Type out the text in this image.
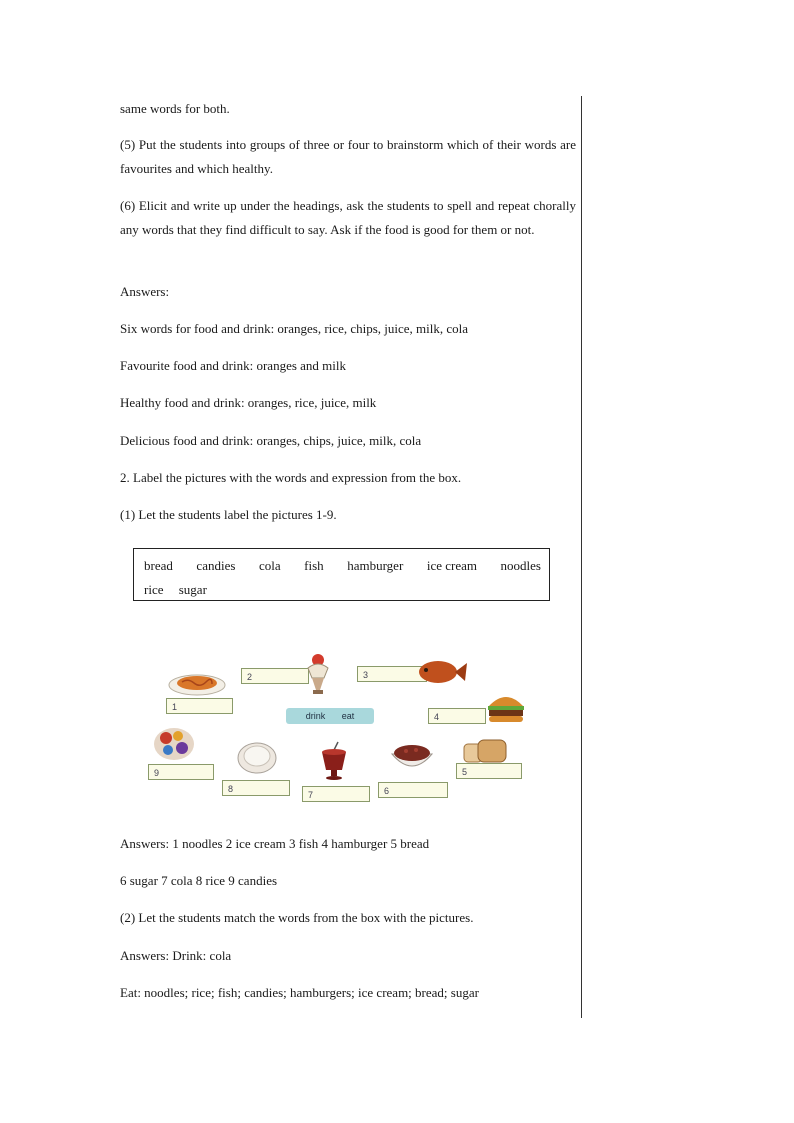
same words for both.

(5) Put the students into groups of three or four to brainstorm which of their words are favourites and which healthy.

(6) Elicit and write up under the headings, ask the students to spell and repeat chorally any words that they find difficult to say. Ask if the food is good for them or not.

Answers:

Six words for food and drink: oranges, rice, chips, juice, milk, cola

Favourite food and drink: oranges and milk

Healthy food and drink: oranges, rice, juice, milk

Delicious food and drink: oranges, chips, juice, milk, cola

2. Label the pictures with the words and expression from the box.

(1) Let the students label the pictures 1-9.

bread candies cola fish hamburger ice cream noodles
rice sugar
1
2	3
drink eat	4
5
9
8
7	6

Answers: 1 noodles 2 ice cream 3 fish 4 hamburger 5 bread

6 sugar 7 cola 8 rice 9 candies

(2) Let the students match the words from the box with the pictures.

Answers: Drink: cola

Eat: noodles; rice; fish; candies; hamburgers; ice cream; bread; sugar
